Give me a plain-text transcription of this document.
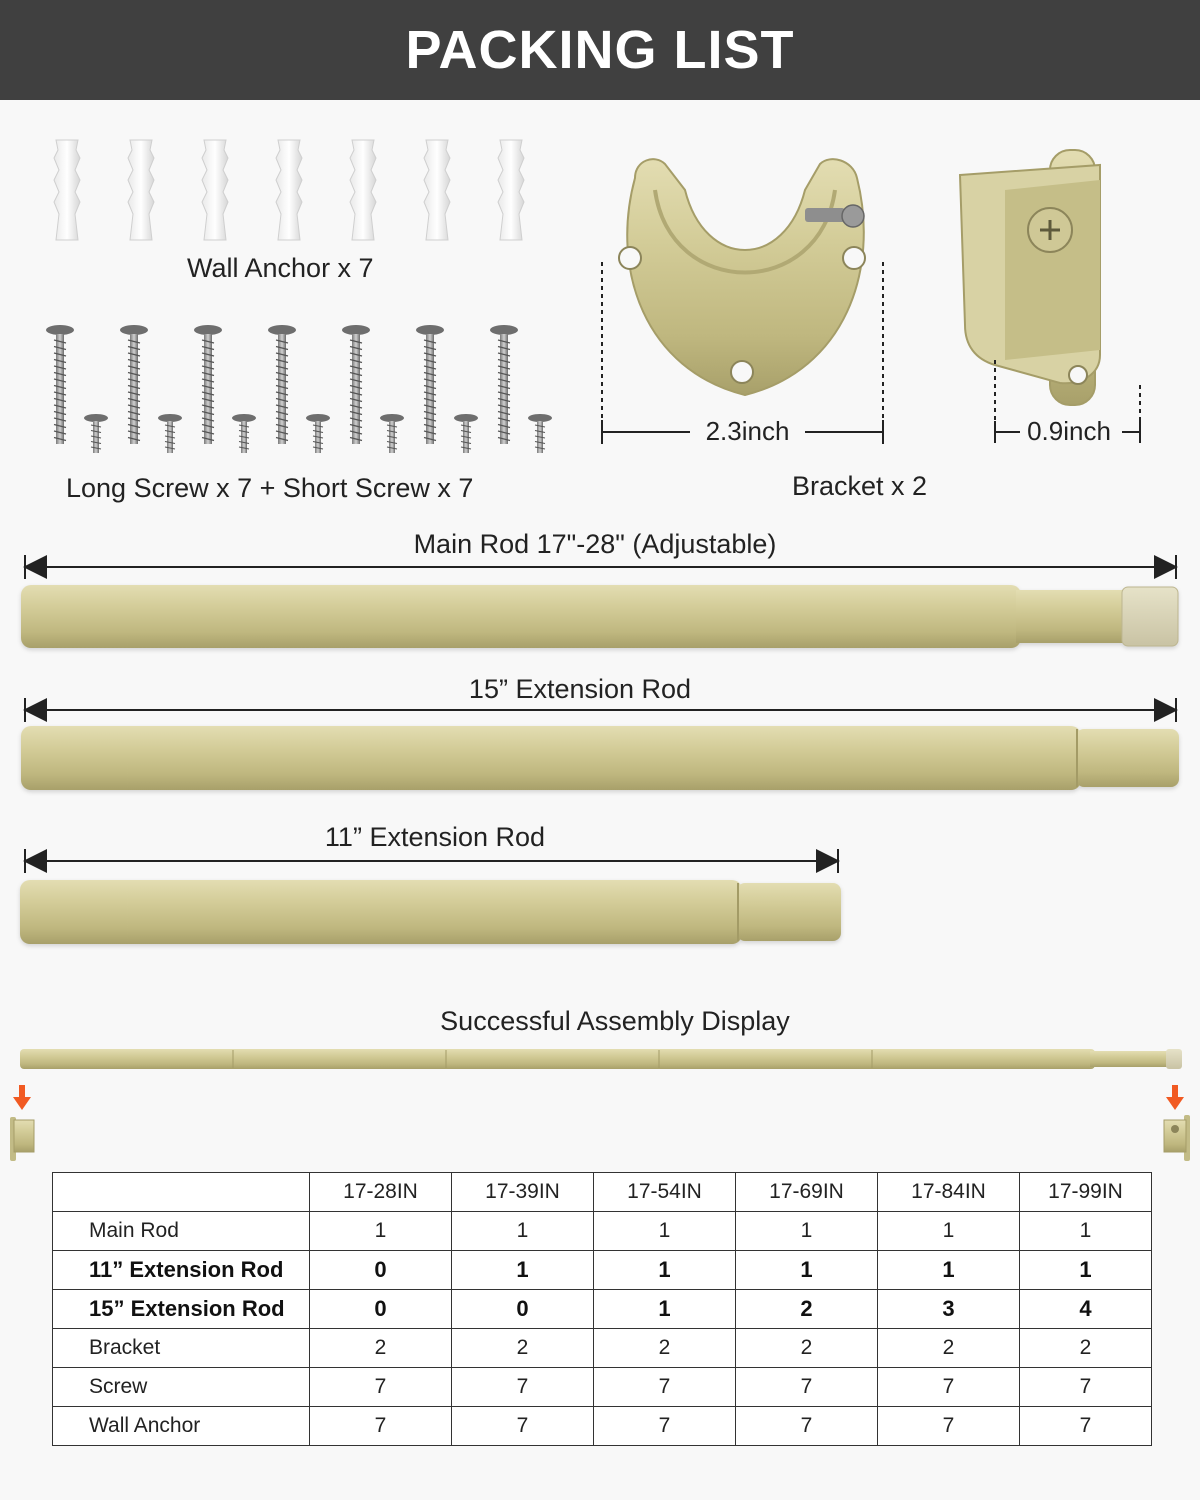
PACKING LIST
Wall Anchor x 7
Long Screw x 7 + Short Screw x 7
2.3inch	0.9inch
Bracket x 2
Main Rod 17"-28" (Adjustable)
15” Extension Rod
11” Extension Rod
Successful Assembly Display
	17-28IN	17-39IN	17-54IN	17-69IN	17-84IN	17-99IN
Main Rod	1	1	1	1	1	1
11” Extension Rod	0	1	1	1	1	1
15” Extension Rod	0	0	1	2	3	4
Bracket	2	2	2	2	2	2
Screw	7	7	7	7	7	7
Wall Anchor	7	7	7	7	7	7
